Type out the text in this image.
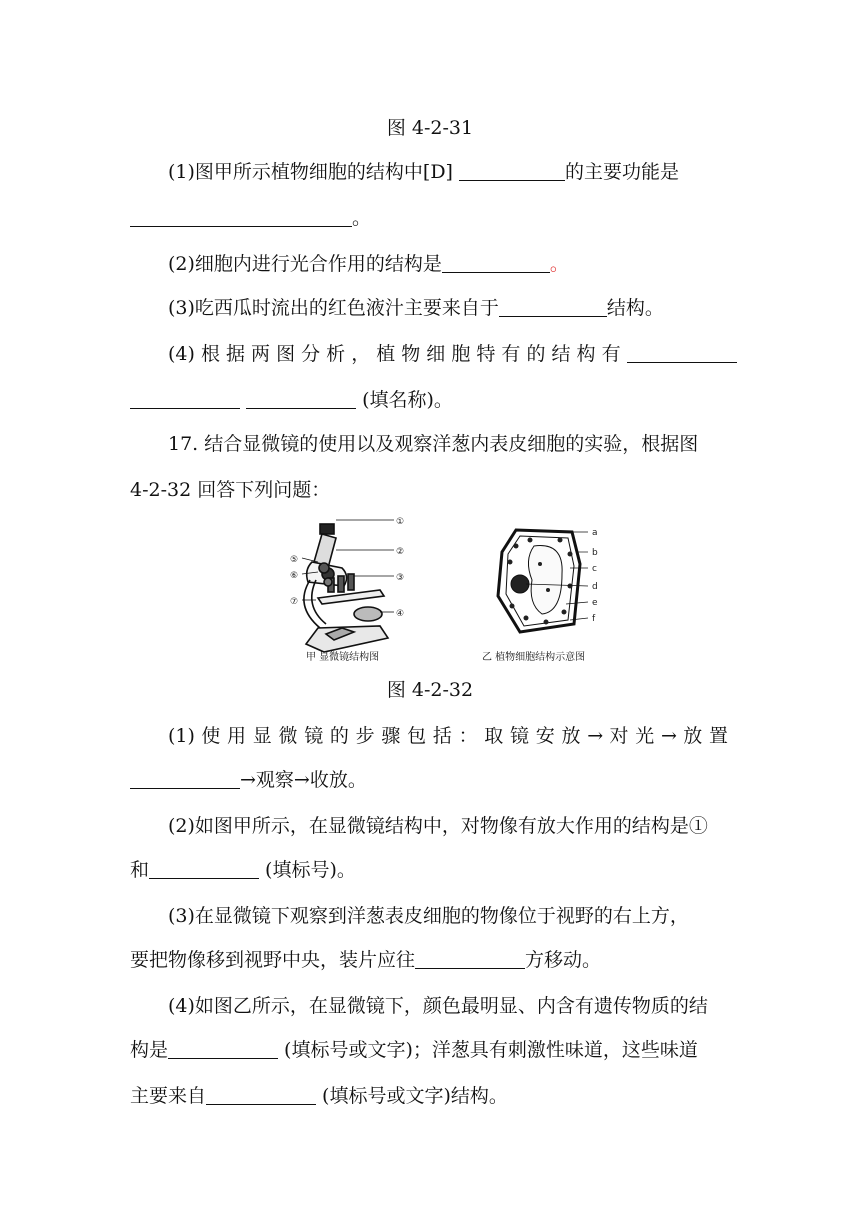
图 4-2-31
(1)图甲所示植物细胞的结构中[D]	的主要功能是
。
(2)细胞内进行光合作用的结构是	。
(3)吃西瓜时流出的红色液汁主要来自于	结构。
(4) 根 据 两 图 分 析 ， 植 物 细 胞 特 有 的 结 构 有
(填名称)。
17. 结合显微镜的使用以及观察洋葱内表皮细胞的实验，根据图
4-2-32 回答下列问题：
①
②
③
④
⑤
⑥
⑦
甲 显微镜结构图
a
b
c
d
e
f
乙 植物细胞结构示意图
图 4-2-32
(1) 使 用 显 微 镜 的 步 骤 包 括 ： 取 镜 安 放 → 对 光 → 放 置
→观察→收放。
(2)如图甲所示，在显微镜结构中，对物像有放大作用的结构是①
和	(填标号)。
(3)在显微镜下观察到洋葱表皮细胞的物像位于视野的右上方，
要把物像移到视野中央，装片应往	方移动。
(4)如图乙所示，在显微镜下，颜色最明显、内含有遗传物质的结
构是	(填标号或文字)；洋葱具有刺激性味道，这些味道
主要来自	(填标号或文字)结构。
